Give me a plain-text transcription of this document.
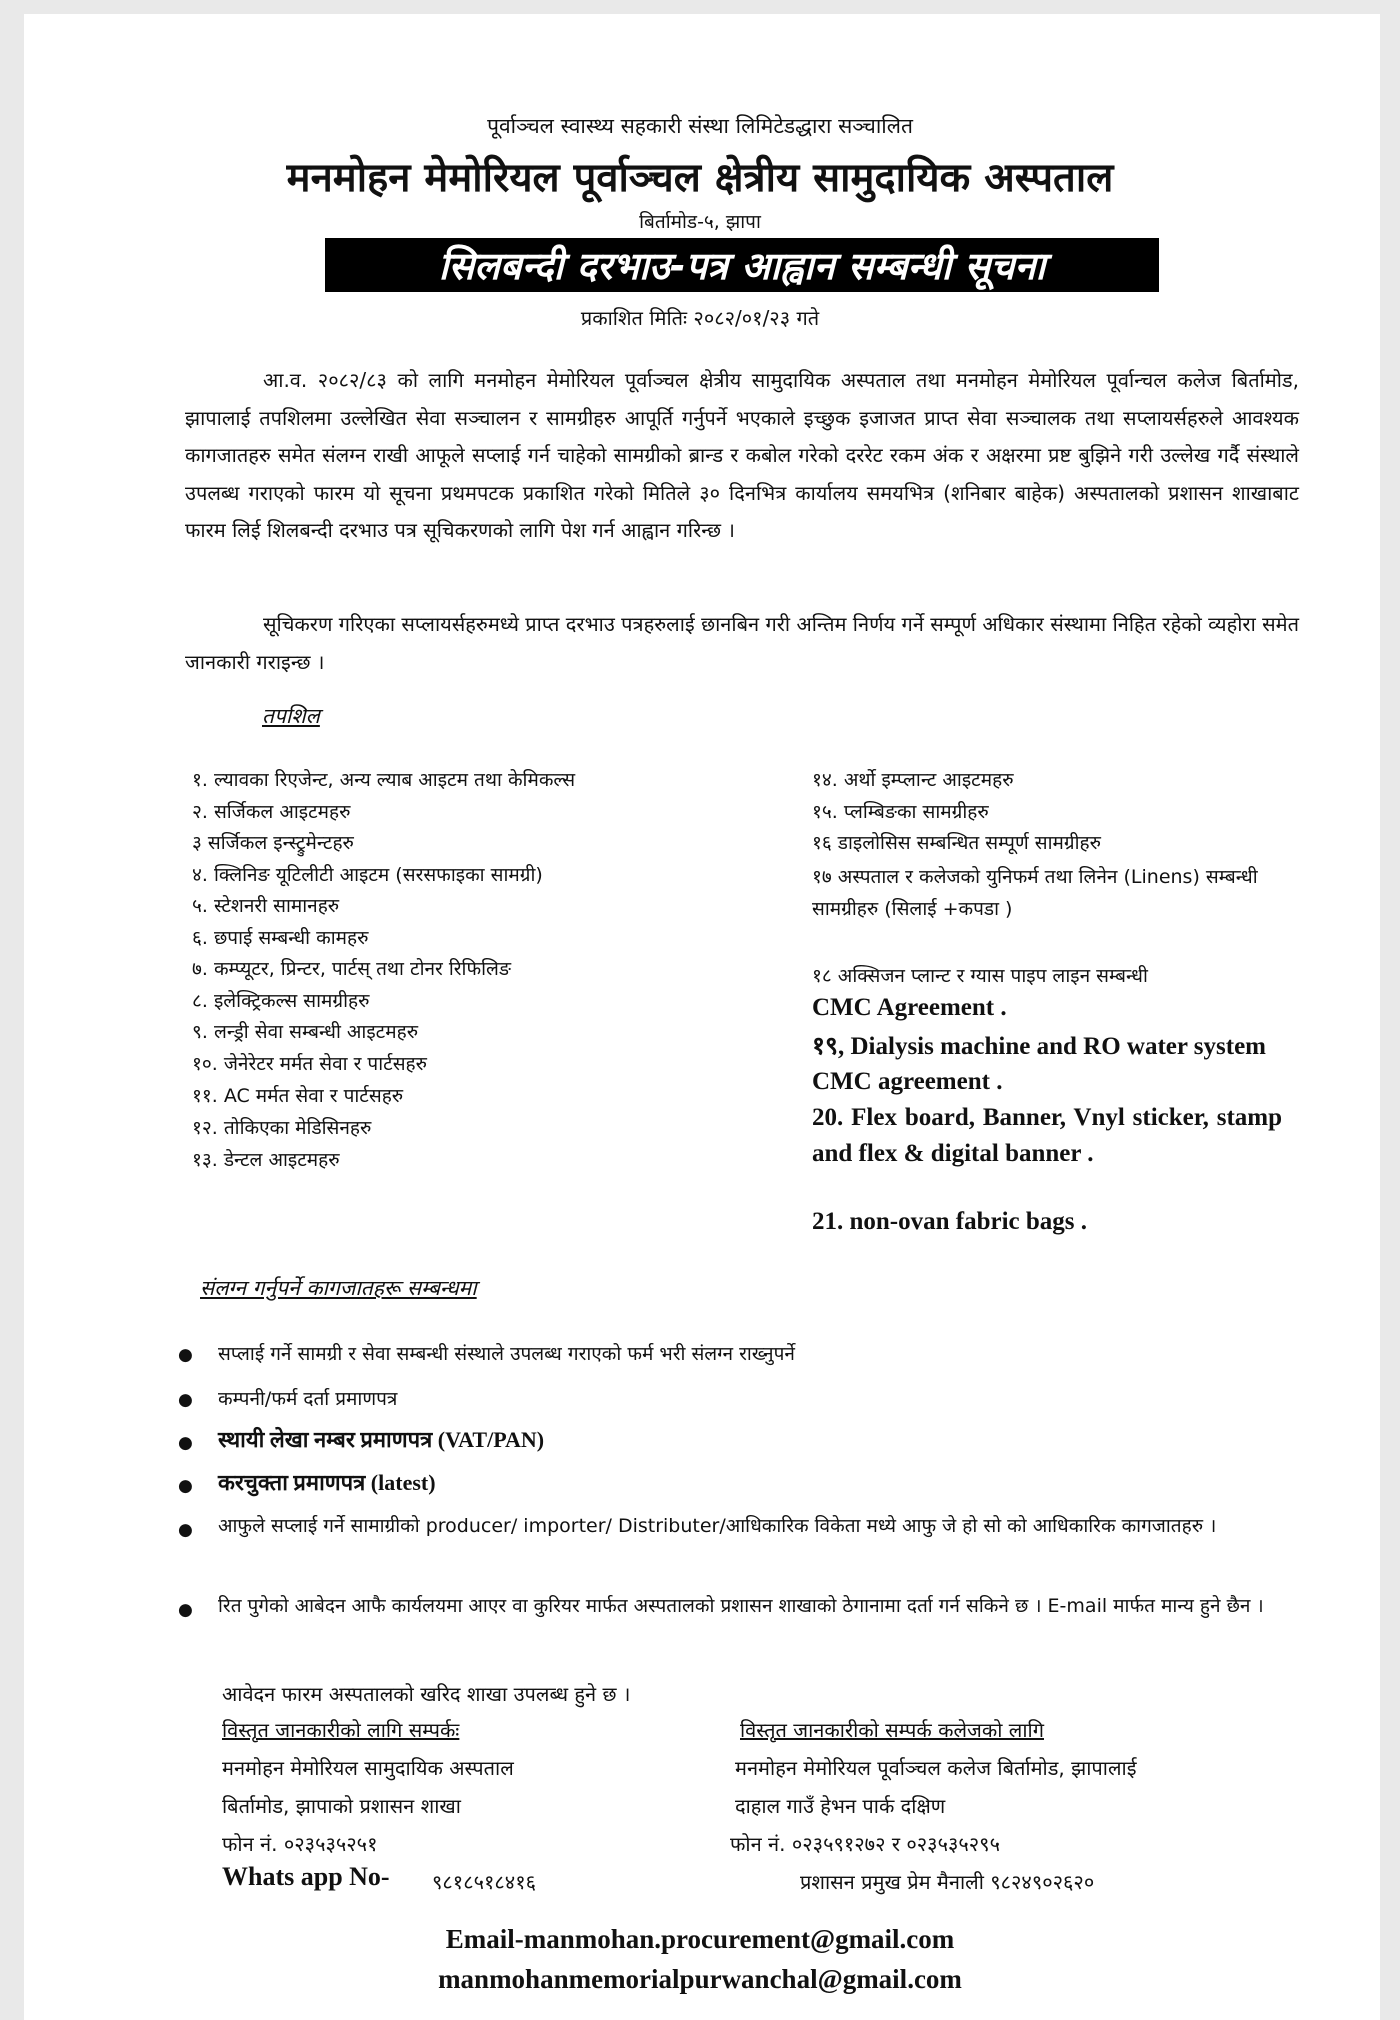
पूर्वाञ्चल स्वास्थ्य सहकारी संस्था लिमिटेडद्धारा सञ्चालित
मनमोहन मेमोरियल पूर्वाञ्चल क्षेत्रीय सामुदायिक अस्पताल
बिर्तामोड-५, झापा
सिलबन्दी दरभाउ-पत्र आह्वान सम्बन्धी सूचना
प्रकाशित मितिः २०८२/०१/२३ गते
आ.व. २०८२/८३ को लागि मनमोहन मेमोरियल पूर्वाञ्चल क्षेत्रीय सामुदायिक अस्पताल तथा मनमोहन मेमोरियल पूर्वान्चल कलेज बिर्तामोड, झापालाई तपशिलमा उल्लेखित सेवा सञ्चालन र सामग्रीहरु आपूर्ति गर्नुपर्ने भएकाले इच्छुक इजाजत प्राप्त सेवा सञ्चालक तथा सप्लायर्सहरुले आवश्यक कागजातहरु समेत संलग्न राखी आफूले सप्लाई गर्न चाहेको सामग्रीको ब्रान्ड र कबोल गरेको दररेट रकम अंक र अक्षरमा प्रष्ट बुझिने गरी उल्लेख गर्दै संस्थाले उपलब्ध गराएको फारम यो सूचना प्रथमपटक प्रकाशित गरेको मितिले ३० दिनभित्र कार्यालय समयभित्र (शनिबार बाहेक) अस्पतालको प्रशासन शाखाबाट फारम लिई शिलबन्दी दरभाउ पत्र सूचिकरणको लागि पेश गर्न आह्वान गरिन्छ ।
सूचिकरण गरिएका सप्लायर्सहरुमध्ये प्राप्त दरभाउ पत्रहरुलाई छानबिन गरी अन्तिम निर्णय गर्ने सम्पूर्ण अधिकार संस्थामा निहित रहेको व्यहोरा समेत जानकारी गराइन्छ ।
तपशिल
१. ल्यावका रिएजेन्ट, अन्य ल्याब आइटम तथा केमिकल्स
२. सर्जिकल आइटमहरु
३ सर्जिकल इन्स्ट्रुमेन्टहरु
४. क्लिनिङ यूटिलीटी आइटम (सरसफाइका सामग्री)
५. स्टेशनरी सामानहरु
६. छपाई सम्बन्धी कामहरु
७. कम्प्यूटर, प्रिन्टर, पार्टस् तथा टोनर रिफिलिङ
८. इलेक्ट्रिकल्स सामग्रीहरु
९. लन्ड्री सेवा सम्बन्धी आइटमहरु
१०. जेनेरेटर मर्मत सेवा र पार्टसहरु
११. AC मर्मत सेवा र पार्टसहरु
१२. तोकिएका मेडिसिनहरु
१३. डेन्टल आइटमहरु
१४. अर्थो इम्प्लान्ट आइटमहरु
१५. प्लम्बिङका सामग्रीहरु
१६ डाइलोसिस सम्बन्धित सम्पूर्ण सामग्रीहरु
१७ अस्पताल र कलेजको युनिफर्म तथा लिनेन (Linens) सम्बन्धी सामग्रीहरु (सिलाई +कपडा )
१८ अक्सिजन प्लान्ट र ग्यास पाइप लाइन सम्बन्धी
CMC Agreement .
१९, Dialysis machine and RO water system CMC agreement .
20. Flex board, Banner, Vnyl sticker, stamp and flex & digital banner .
21. non-ovan fabric bags .
संलग्न गर्नुपर्ने कागजातहरू सम्बन्धमा
● सप्लाई गर्ने सामग्री र सेवा सम्बन्धी संस्थाले उपलब्ध गराएको फर्म भरी संलग्न राख्नुपर्ने
● कम्पनी/फर्म दर्ता प्रमाणपत्र
● स्थायी लेखा नम्बर प्रमाणपत्र (VAT/PAN)
● करचुक्ता प्रमाणपत्र (latest)
● आफुले सप्लाई गर्ने सामाग्रीको producer/ importer/ Distributer/आधिकारिक विकेता मध्ये आफु जे हो सो को आधिकारिक कागजातहरु ।
● रित पुगेको आबेदन आफै कार्यलयमा आएर वा कुरियर मार्फत अस्पतालको प्रशासन शाखाको ठेगानामा दर्ता गर्न सकिने छ । E-mail मार्फत मान्य हुने छैन ।
आवेदन फारम अस्पतालको खरिद शाखा उपलब्ध हुने छ ।
विस्तृत जानकारीको लागि सम्पर्कः
मनमोहन मेमोरियल सामुदायिक अस्पताल
बिर्तामोड, झापाको प्रशासन शाखा
फोन नं. ०२३५३५२५१
Whats app No- ९८१८५१८४१६
विस्तृत जानकारीको सम्पर्क कलेजको लागि
मनमोहन मेमोरियल पूर्वाञ्चल कलेज बिर्तामोड, झापालाई
दाहाल गाउँ हेभन पार्क दक्षिण
फोन नं. ०२३५९१२७२ र ०२३५३५२९५
प्रशासन प्रमुख प्रेम मैनाली ९८२४९०२६२०
Email-manmohan.procurement@gmail.com
manmohanmemorialpurwanchal@gmail.com
